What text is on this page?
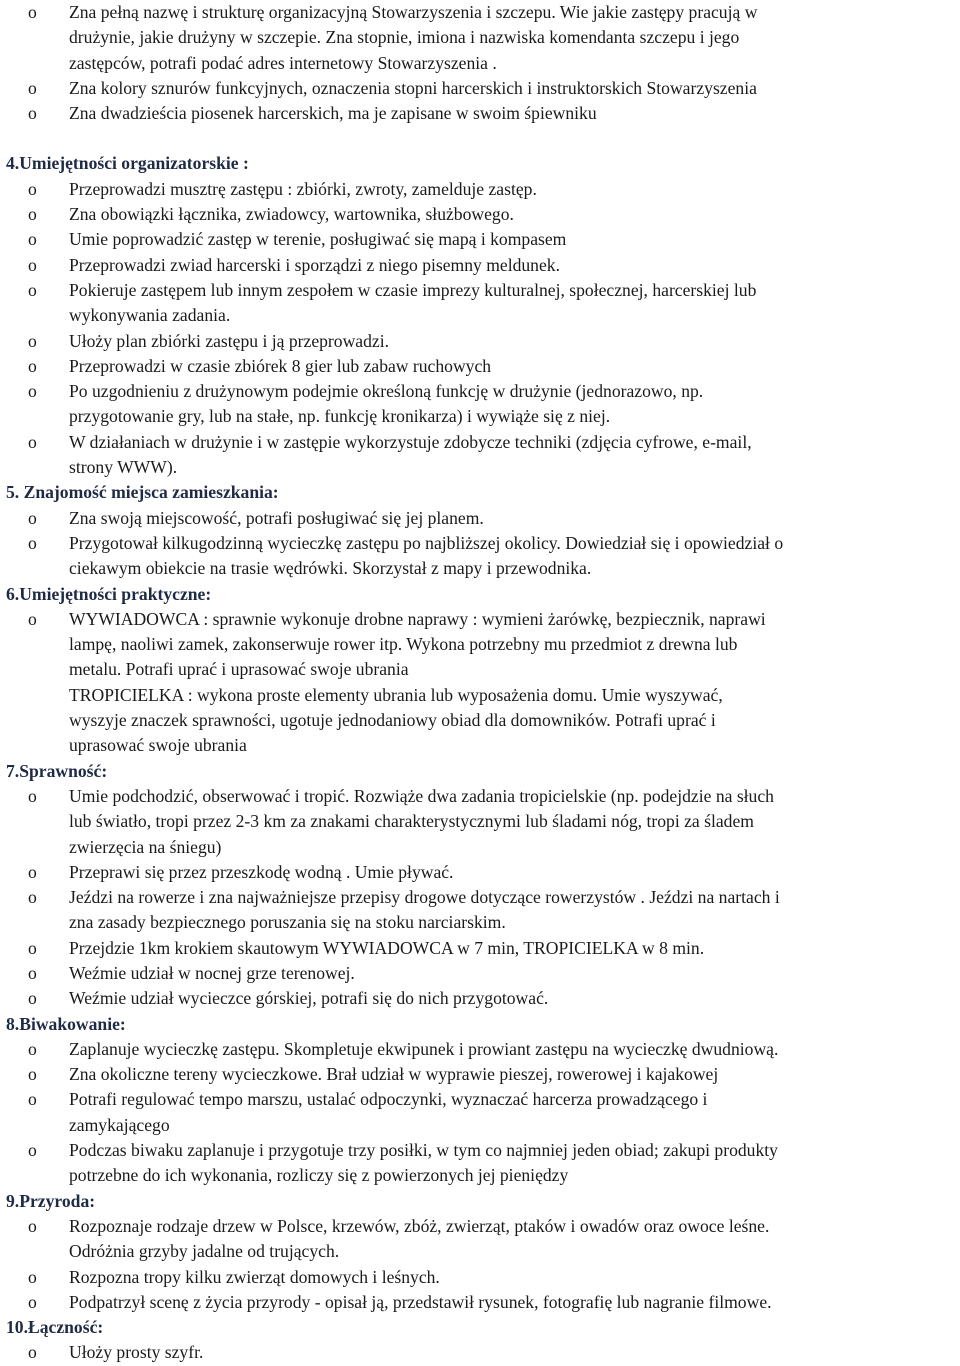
o Zna pełną nazwę i strukturę organizacyjną Stowarzyszenia i szczepu. Wie jakie zastępy pracują w
drużynie, jakie drużyny w szczepie. Zna stopnie, imiona i nazwiska komendanta szczepu i jego
zastępców, potrafi podać adres internetowy Stowarzyszenia .
o Zna kolory sznurów funkcyjnych, oznaczenia stopni harcerskich i instruktorskich Stowarzyszenia
o Zna dwadzieścia piosenek harcerskich, ma je zapisane w swoim śpiewniku
4.Umiejętności organizatorskie :
o Przeprowadzi musztrę zastępu : zbiórki, zwroty, zamelduje zastęp.
o Zna obowiązki łącznika, zwiadowcy, wartownika, służbowego.
o Umie poprowadzić zastęp w terenie, posługiwać się mapą i kompasem
o Przeprowadzi zwiad harcerski i sporządzi z niego pisemny meldunek.
o Pokieruje zastępem lub innym zespołem w czasie imprezy kulturalnej, społecznej, harcerskiej lub
wykonywania zadania.
o Ułoży plan zbiórki zastępu i ją przeprowadzi.
o Przeprowadzi w czasie zbiórek 8 gier lub zabaw ruchowych
o Po uzgodnieniu z drużynowym podejmie określoną funkcję w drużynie (jednorazowo, np.
przygotowanie gry, lub na stałe, np. funkcję kronikarza) i wywiąże się z niej.
o W działaniach w drużynie i w zastępie wykorzystuje zdobycze techniki (zdjęcia cyfrowe, e-mail,
strony WWW).
5. Znajomość miejsca zamieszkania:
o Zna swoją miejscowość, potrafi posługiwać się jej planem.
o Przygotował kilkugodzinną wycieczkę zastępu po najbliższej okolicy. Dowiedział się i opowiedział o
ciekawym obiekcie na trasie wędrówki. Skorzystał z mapy i przewodnika.
6.Umiejętności praktyczne:
o WYWIADOWCA : sprawnie wykonuje drobne naprawy : wymieni żarówkę, bezpiecznik, naprawi
lampę, naoliwi zamek, zakonserwuje rower itp. Wykona potrzebny mu przedmiot z drewna lub
metalu. Potrafi uprać i uprasować swoje ubrania
TROPICIELKA : wykona proste elementy ubrania lub wyposażenia domu. Umie wyszywać,
wyszyje znaczek sprawności, ugotuje jednodaniowy obiad dla domowników. Potrafi uprać i
uprasować swoje ubrania
7.Sprawność:
o Umie podchodzić, obserwować i tropić. Rozwiąże dwa zadania tropicielskie (np. podejdzie na słuch
lub światło, tropi przez 2-3 km za znakami charakterystycznymi lub śladami nóg, tropi za śladem
zwierzęcia na śniegu)
o Przeprawi się przez przeszkodę wodną . Umie pływać.
o Jeździ na rowerze i zna najważniejsze przepisy drogowe dotyczące rowerzystów . Jeździ na nartach i
zna zasady bezpiecznego poruszania się na stoku narciarskim.
o Przejdzie 1km krokiem skautowym WYWIADOWCA w 7 min, TROPICIELKA w 8 min.
o Weźmie udział w nocnej grze terenowej.
o Weźmie udział wycieczce górskiej, potrafi się do nich przygotować.
8.Biwakowanie:
o Zaplanuje wycieczkę zastępu. Skompletuje ekwipunek i prowiant zastępu na wycieczkę dwudniową.
o Zna okoliczne tereny wycieczkowe. Brał udział w wyprawie pieszej, rowerowej i kajakowej
o Potrafi regulować tempo marszu, ustalać odpoczynki, wyznaczać harcerza prowadzącego i
zamykającego
o Podczas biwaku zaplanuje i przygotuje trzy posiłki, w tym co najmniej jeden obiad; zakupi produkty
potrzebne do ich wykonania, rozliczy się z powierzonych jej pieniędzy
9.Przyroda:
o Rozpoznaje rodzaje drzew w Polsce, krzewów, zbóż, zwierząt, ptaków i owadów oraz owoce leśne.
Odróżnia grzyby jadalne od trujących.
o Rozpozna tropy kilku zwierząt domowych i leśnych.
o Podpatrzył scenę z życia przyrody - opisał ją, przedstawił rysunek, fotografię lub nagranie filmowe.
10.Łączność:
o Ułoży prosty szyfr.
